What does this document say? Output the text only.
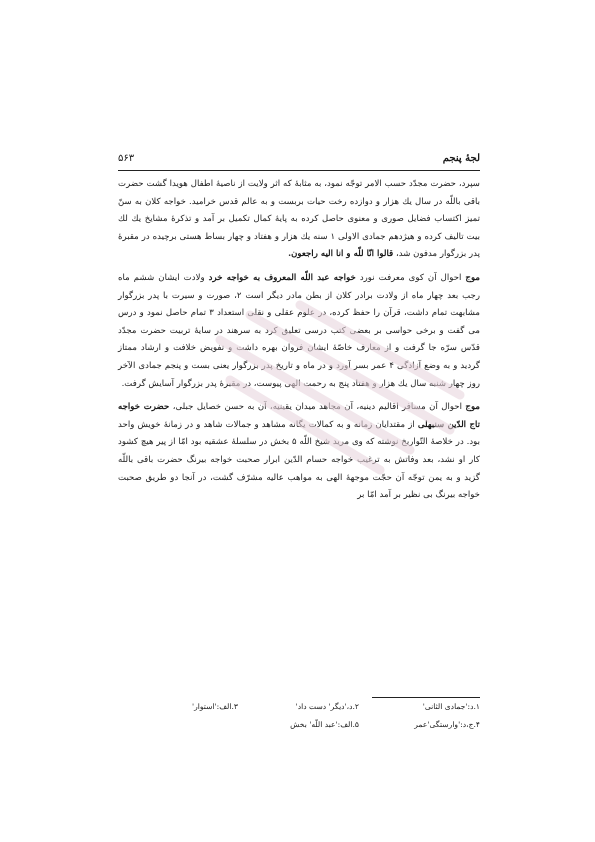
لجۀ پنجم
۵۶۳

سپرد، حضرت مجدّد حسب الامر توجّه نمود، به مثابۀ که اثر ولایت از ناصیۀ اطفال هویدا گشت حضرت باقی باللّه در سال یك هزار و دوازده رخت حیات بربست و به عالم قدس خرامید. خواجه کلان به سنّ تمیز اکتساب فضایل صوری و معنوی حاصل کرده به پایۀ کمال تکمیل بر آمد و تذکرۀ مشایخ یك لك بیت تالیف کرده و هیژدهم جمادی الاولی ۱ سنه یك هزار و هفتاد و چهار بساط هستی برچیده در مقبرۀ پدر بزرگوار مدفون شد، قالوا انّا للّه و انا الیه راجعون.

موج احوال آن کوی معرفت نورد خواجه عبد اللّه المعروف به خواجه خرد ولادت ایشان ششم ماه رجب بعد چهار ماه از ولادت برادر کلان از بطن مادر دیگر است ۲، صورت و سیرت با پدر بزرگوار مشابهت تمام داشت، قرآن را حفظ کرده، در علوم عقلی و نقلی استعداد ۳ تمام حاصل نمود و درس می گفت و برخی حواسی بر بعضی کتب درسی تعلیق کرد به سرهند در سایۀ تربیت حضرت مجدّد قدّس سرّه جا گرفت و از معارف خاصّۀ ایشان فروان بهره داشت و تفویض خلافت و ارشاد ممتاز گردید و به وضع آزادگی ۴ عمر بسر آورد و در ماه و تاریخ پدر بزرگوار یعنی بست و پنجم جمادی الآخر روز چهار شنبه سال یك هزار و هفتاد پنج به رحمت الهی پیوست، در مقبرۀ پدر بزرگوار آسایش گرفت.

موج احوال آن مسافر اقالیم دینیه، آن مجاهد میدان یقینیه، آن به حسن خصایل جبلی، حضرت خواجه تاج الدّین سنبهلی از مقتدایان زمانه و به کمالات یگانه مشاهد و جمالات شاهد و در زمانۀ خویش واحد بود. در خلاصۀ التّواریخ نوشته که وی مرید شیخ اللّه ۵ بخش در سلسلۀ عشقیه بود امّا از پیر هیچ کشود کار او نشد، بعد وفاتش به ترغیب خواجه حسام الدّین ابرار صحبت خواجه بیرنگ حضرت باقی باللّه گزید و به یمن توجّه آن حجّت موجهۀ الهی به مواهب عالیه مشرّف گشت، در آنجا دو طریق صحبت خواجه بیرنگ بی نظیر بر آمد امّا بر

۱.د:'جمادی الثانی'
۲.د،'دیگر' دست داد'
۳.الف:'استوار'
۴.ج،د:'وارستگی'عمر
۵.الف:'عبد اللّه' بخش
